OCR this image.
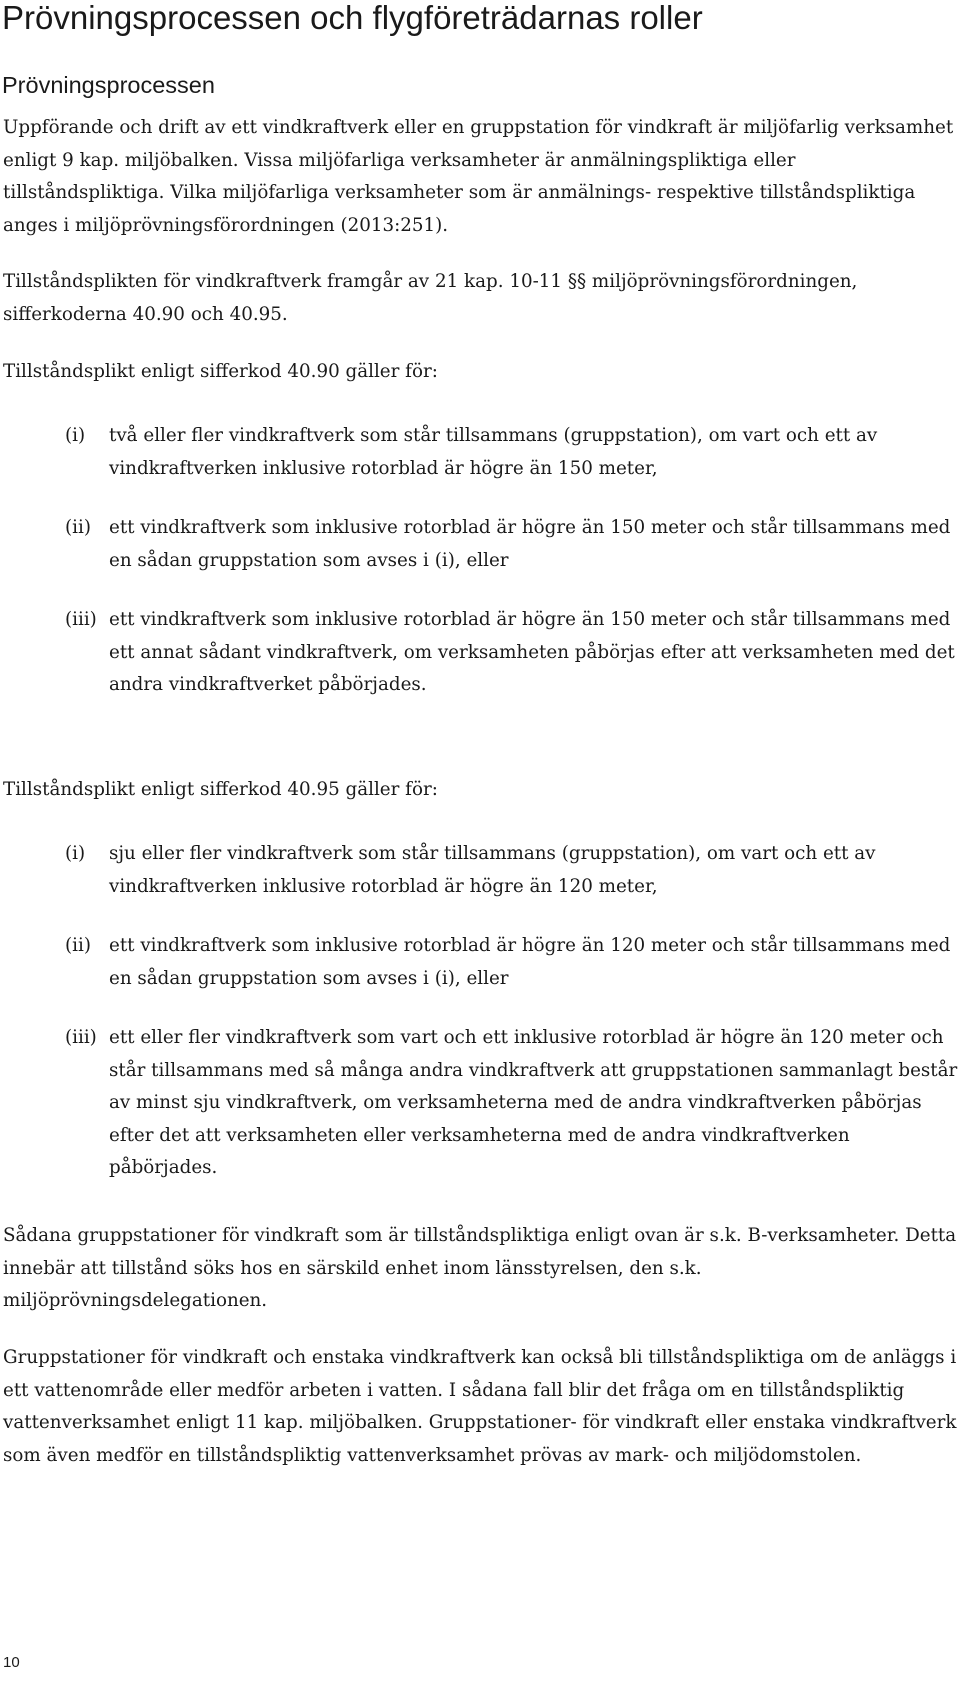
Prövningsprocessen och flygföreträdarnas roller
Prövningsprocessen

Uppförande och drift av ett vindkraftverk eller en gruppstation för vindkraft är miljöfarlig verksamhet enligt 9 kap. miljöbalken. Vissa miljöfarliga verksamheter är anmälningspliktiga eller tillståndspliktiga. Vilka miljöfarliga verksamheter som är anmälnings- respektive tillståndspliktiga anges i miljöprövningsförordningen (2013:251).

Tillståndsplikten för vindkraftverk framgår av 21 kap. 10-11 §§ miljöprövningsförordningen, sifferkoderna 40.90 och 40.95.

Tillståndsplikt enligt sifferkod 40.90 gäller för:

(i) två eller fler vindkraftverk som står tillsammans (gruppstation), om vart och ett av vindkraftverken inklusive rotorblad är högre än 150 meter,
(ii) ett vindkraftverk som inklusive rotorblad är högre än 150 meter och står tillsammans med en sådan gruppstation som avses i (i), eller
(iii) ett vindkraftverk som inklusive rotorblad är högre än 150 meter och står tillsammans med ett annat sådant vindkraftverk, om verksamheten påbörjas efter att verksamheten med det andra vindkraftverket påbörjades.

Tillståndsplikt enligt sifferkod 40.95 gäller för:

(i) sju eller fler vindkraftverk som står tillsammans (gruppstation), om vart och ett av vindkraftverken inklusive rotorblad är högre än 120 meter,
(ii) ett vindkraftverk som inklusive rotorblad är högre än 120 meter och står tillsammans med en sådan gruppstation som avses i (i), eller
(iii) ett eller fler vindkraftverk som vart och ett inklusive rotorblad är högre än 120 meter och står tillsammans med så många andra vindkraftverk att gruppstationen sammanlagt består av minst sju vindkraftverk, om verksamheterna med de andra vindkraftverken påbörjas efter det att verksamheten eller verksamheterna med de andra vindkraftverken påbörjades.

Sådana gruppstationer för vindkraft som är tillståndspliktiga enligt ovan är s.k. B-verksamheter. Detta innebär att tillstånd söks hos en särskild enhet inom länsstyrelsen, den s.k. miljöprövningsdelegationen.

Gruppstationer för vindkraft och enstaka vindkraftverk kan också bli tillståndspliktiga om de anläggs i ett vattenområde eller medför arbeten i vatten. I sådana fall blir det fråga om en tillståndspliktig vattenverksamhet enligt 11 kap. miljöbalken. Gruppstationer- för vindkraft eller enstaka vindkraftverk som även medför en tillståndspliktig vattenverksamhet prövas av mark- och miljödomstolen.

10
